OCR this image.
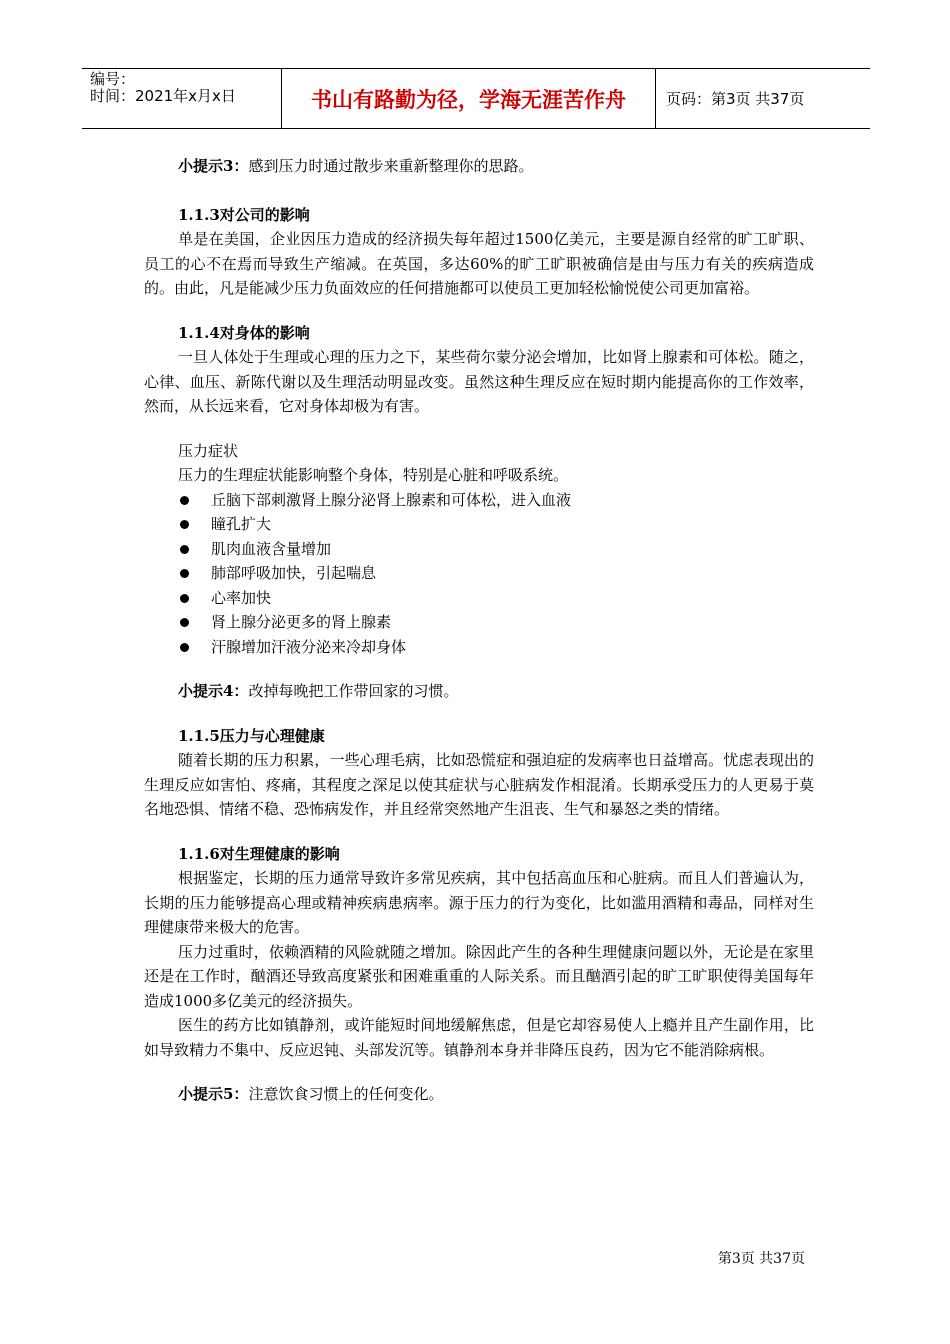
编号：
时间：2021年x月x日	书山有路勤为径，学海无涯苦作舟	页码：第3页 共37页
小提示3：感到压力时通过散步来重新整理你的思路。
1.1.3对公司的影响
单是在美国，企业因压力造成的经济损失每年超过1500亿美元，主要是源自经常的旷工旷职、员工的心不在焉而导致生产缩减。在英国，多达60%的旷工旷职被确信是由与压力有关的疾病造成的。由此，凡是能减少压力负面效应的任何措施都可以使员工更加轻松愉悦使公司更加富裕。
1.1.4对身体的影响
一旦人体处于生理或心理的压力之下，某些荷尔蒙分泌会增加，比如肾上腺素和可体松。随之，心律、血压、新陈代谢以及生理活动明显改变。虽然这种生理反应在短时期内能提高你的工作效率，然而，从长远来看，它对身体却极为有害。
压力症状
压力的生理症状能影响整个身体，特别是心脏和呼吸系统。
丘脑下部刺激肾上腺分泌肾上腺素和可体松，进入血液
瞳孔扩大
肌肉血液含量增加
肺部呼吸加快，引起喘息
心率加快
肾上腺分泌更多的肾上腺素
汗腺增加汗液分泌来冷却身体
小提示4：改掉每晚把工作带回家的习惯。
1.1.5压力与心理健康
随着长期的压力积累，一些心理毛病，比如恐慌症和强迫症的发病率也日益增高。忧虑表现出的生理反应如害怕、疼痛，其程度之深足以使其症状与心脏病发作相混淆。长期承受压力的人更易于莫名地恐惧、情绪不稳、恐怖病发作，并且经常突然地产生沮丧、生气和暴怒之类的情绪。
1.1.6对生理健康的影响
根据鉴定，长期的压力通常导致许多常见疾病，其中包括高血压和心脏病。而且人们普遍认为，长期的压力能够提高心理或精神疾病患病率。源于压力的行为变化，比如滥用酒精和毒品，同样对生理健康带来极大的危害。
压力过重时，依赖酒精的风险就随之增加。除因此产生的各种生理健康问题以外，无论是在家里还是在工作时，酗酒还导致高度紧张和困难重重的人际关系。而且酗酒引起的旷工旷职使得美国每年造成1000多亿美元的经济损失。
医生的药方比如镇静剂，或许能短时间地缓解焦虑，但是它却容易使人上瘾并且产生副作用，比如导致精力不集中、反应迟钝、头部发沉等。镇静剂本身并非降压良药，因为它不能消除病根。
小提示5：注意饮食习惯上的任何变化。
第3页 共37页
